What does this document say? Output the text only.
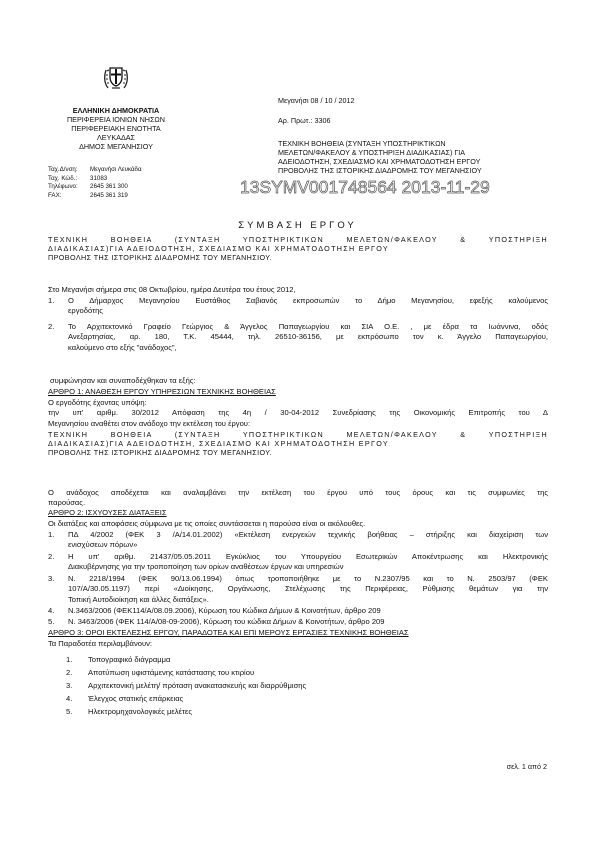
ΕΛΛΗΝΙΚΗ ΔΗΜΟΚΡΑΤΙΑ
ΠΕΡΙΦΕΡΕΙΑ ΙΟΝΙΩΝ ΝΗΣΩΝ
ΠΕΡΙΦΕΡΕΙΑΚΗ ΕΝΟΤΗΤΑ
ΛΕΥΚΑΔΑΣ
ΔΗΜΟΣ ΜΕΓΑΝΗΣΙΟΥ
Ταχ.Δ/νση: Μεγανήσι Λευκάδα
Ταχ. Κώδ.: 31083
Τηλέφωνο: 2645 361 300
FAX:	2645 361 319
Μεγανήσι 08 / 10 / 2012
Αρ. Πρωτ.: 3306
ΤΕΧΝΙΚΗ ΒΟΗΘΕΙΑ (ΣΥΝΤΑΞΗ ΥΠΟΣΤΗΡΙΚΤΙΚΩΝ
ΜΕΛΕΤΩΝ/ΦΑΚΕΛΟΥ & ΥΠΟΣΤΗΡΙΞΗ ΔΙΑΔΙΚΑΣΙΑΣ) ΓΙΑ
ΑΔΕΙΟΔΟΤΗΣΗ, ΣΧΕΔΙΑΣΜΟ ΚΑΙ ΧΡΗΜΑΤΟΔΟΤΗΣΗ ΕΡΓΟΥ
ΠΡΟΒΟΛΗΣ ΤΗΣ ΙΣΤΟΡΙΚΗΣ ΔΙΑΔΡΟΜΗΣ ΤΟΥ ΜΕΓΑΝΗΣΙΟΥ
13SYMV001748564 2013-11-29
ΣΥΜΒΑΣΗ ΕΡΓΟΥ
ΤΕΧΝΙΚΗ ΒΟΗΘΕΙΑ (ΣΥΝΤΑΞΗ ΥΠΟΣΤΗΡΙΚΤΙΚΩΝ ΜΕΛΕΤΩΝ/ΦΑΚΕΛΟΥ & ΥΠΟΣΤΗΡΙΞΗ
ΔΙΑΔΙΚΑΣΙΑΣ)ΓΙΑ ΑΔΕΙΟΔΟΤΗΣΗ, ΣΧΕΔΙΑΣΜΟ ΚΑΙ ΧΡΗΜΑΤΟΔΟΤΗΣΗ ΕΡΓΟΥ
ΠΡΟΒΟΛΗΣ ΤΗΣ ΙΣΤΟΡΙΚΗΣ ΔΙΑΔΡΟΜΗΣ ΤΟΥ ΜΕΓΑΝΗΣΙΟΥ.
Στο Μεγανήσι σήμερα στις 08 Οκτωβρίου, ημέρα Δευτέρα του έτους 2012,
1. Ο Δήμαρχος Μεγανησίου Ευστάθιος Σαβιανός εκπροσωπών το Δήμο Μεγανησίου, εφεξής καλούμενος
εργοδότης
2. Το Αρχιτεκτονικό Γραφείο Γεώργιος & Άγγελος Παπαγεωργίου και ΣΙΑ Ο.Ε. , με έδρα τα Ιωάννινα, οδός
Ανεξαρτησίας, αρ. 180, Τ.Κ. 45444, τηλ. 26510-36156, με εκπρόσωπο τον κ. Άγγελο Παπαγεωργίου,
καλούμενο στο εξής "ανάδοχος",
συμφώνησαν και συναποδέχθηκαν τα εξής:
ΑΡΘΡΟ 1: ΑΝΑΘΕΣΗ ΕΡΓΟΥ ΥΠΗΡΕΣΙΩΝ ΤΕΧΝΙΚΗΣ ΒΟΗΘΕΙΑΣ
Ο εργοδότης έχοντας υπόψη:
την υπ' αριθμ. 30/2012 Απόφαση της 4η / 30-04-2012 Συνεδρίασης της Οικονομικής Επιτροπής του Δ
Μεγανησίου αναθέτει στον ανάδοχο την εκτέλεση του έργου:
ΤΕΧΝΙΚΗ ΒΟΗΘΕΙΑ (ΣΥΝΤΑΞΗ ΥΠΟΣΤΗΡΙΚΤΙΚΩΝ ΜΕΛΕΤΩΝ/ΦΑΚΕΛΟΥ & ΥΠΟΣΤΗΡΙΞΗ
ΔΙΑΔΙΚΑΣΙΑΣ)ΓΙΑ ΑΔΕΙΟΔΟΤΗΣΗ, ΣΧΕΔΙΑΣΜΟ ΚΑΙ ΧΡΗΜΑΤΟΔΟΤΗΣΗ ΕΡΓΟΥ
ΠΡΟΒΟΛΗΣ ΤΗΣ ΙΣΤΟΡΙΚΗΣ ΔΙΑΔΡΟΜΗΣ ΤΟΥ ΜΕΓΑΝΗΣΙΟΥ.
Ο ανάδοχος αποδέχεται και αναλαμβάνει την εκτέλεση του έργου υπό τους όρους και τις συμφωνίες της
παρούσας.
ΑΡΘΡΟ 2: ΙΣΧΥΟΥΣΕΣ ΔΙΑΤΑΞΕΙΣ
Οι διατάξεις και αποφάσεις σύμφωνα με τις οποίες συντάσσεται η παρούσα είναι οι ακόλουθες.
1. ΠΔ 4/2002 (ΦΕΚ 3 /Α/14.01.2002) «Εκτέλεση ενεργειών τεχνικής βοήθειας – στήριξης και διαχείριση των
ενισχύσεων πόρων»
2. Η υπ' αριθμ. 21437/05.05.2011 Εγκύκλιος του Υπουργείου Εσωτερικών Αποκέντρωσης και Ηλεκτρονικής
Διακυβέρνησης για την τροποποίηση των ορίων αναθέσεων έργων και υπηρεσιών
3. Ν. 2218/1994 (ΦΕΚ 90/13.06.1994) όπως τροποποιήθηκε με το Ν.2307/95 και το Ν. 2503/97 (ΦΕΚ
107/Α/30.05.1197) περί «Διοίκησης, Οργάνωσης, Στελέχωσης της Περιφέρειας, Ρύθμισης θεμάτων για την
Τοπική Αυτοδιοίκηση και άλλες διατάξεις».
4. Ν.3463/2006 (ΦΕΚ114/Α/08.09.2006), Κύρωση του Κώδικα Δήμων & Κοινοτήτων, άρθρο 209
5. Ν. 3463/2006 (ΦΕΚ 114/Α/08-09-2006), Κύρωση του κώδικα Δήμων & Κοινοτήτων, άρθρο 209
ΑΡΘΡΟ 3: ΟΡΟΙ ΕΚΤΕΛΕΣΗΣ ΕΡΓΟΥ, ΠΑΡΑΔΟΤΕΑ ΚΑΙ ΕΠΙ ΜΕΡΟΥΣ ΕΡΓΑΣΙΕΣ ΤΕΧΝΙΚΗΣ ΒΟΗΘΕΙΑΣ
Τα Παραδοτέα περιλαμβάνουν:
1. Τοπογραφικό διάγραμμα
2. Αποτύπωση υφιστάμενης κατάστασης του κτιρίου
3. Αρχιτεκτονική μελέτη/ πρόταση ανακατασκευής και διαρρύθμισης
4. Έλεγχος στατικής επάρκειας
5. Ηλεκτρομηχανολογικές μελέτες
σελ. 1 από 2
